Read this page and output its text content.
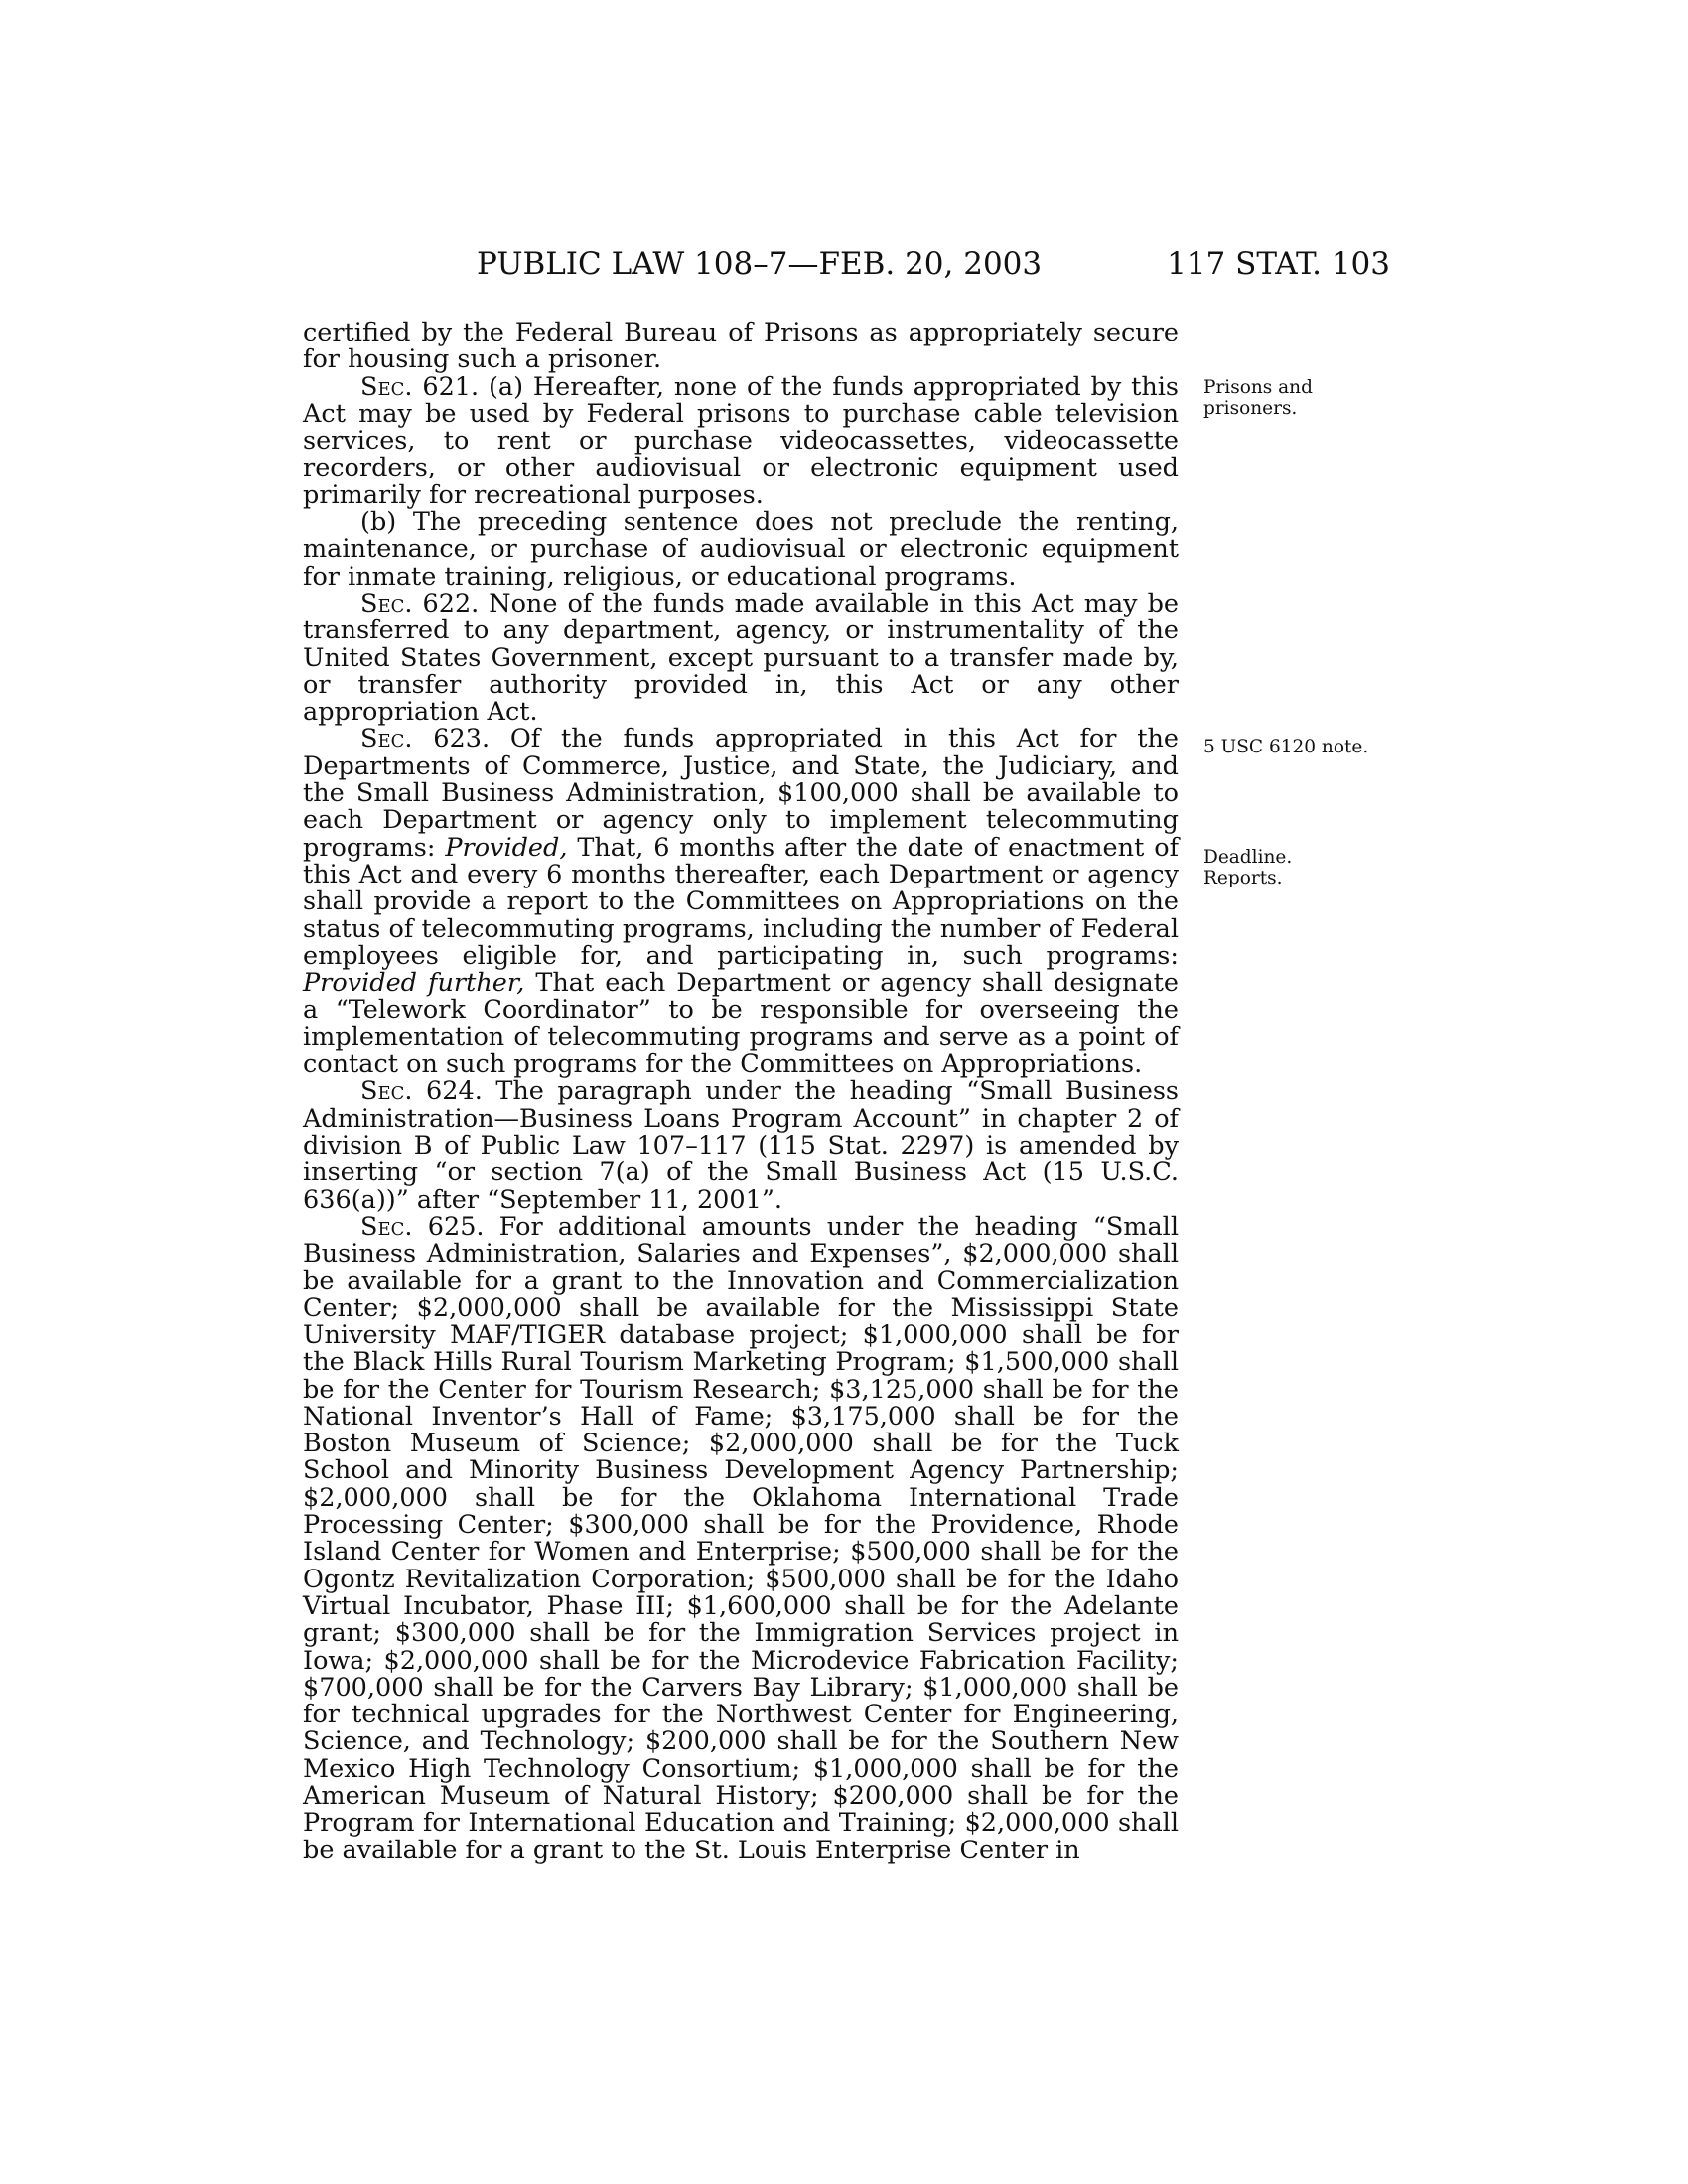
PUBLIC LAW 108–7—FEB. 20, 2003	117 STAT. 103
Prisons and
prisoners.
5 USC 6120 note.
Deadline.
Reports.

certified by the Federal Bureau of Prisons as appropriately secure for housing such a prisoner.

Sec. 621. (a) Hereafter, none of the funds appropriated by this Act may be used by Federal prisons to purchase cable television services, to rent or purchase videocassettes, videocassette recorders, or other audiovisual or electronic equipment used primarily for recreational purposes.

(b) The preceding sentence does not preclude the renting, maintenance, or purchase of audiovisual or electronic equipment for inmate training, religious, or educational programs.

Sec. 622. None of the funds made available in this Act may be transferred to any department, agency, or instrumentality of the United States Government, except pursuant to a transfer made by, or transfer authority provided in, this Act or any other appropriation Act.

Sec. 623. Of the funds appropriated in this Act for the Departments of Commerce, Justice, and State, the Judiciary, and the Small Business Administration, $100,000 shall be available to each Department or agency only to implement telecommuting programs: Provided, That, 6 months after the date of enactment of this Act and every 6 months thereafter, each Department or agency shall provide a report to the Committees on Appropriations on the status of telecommuting programs, including the number of Federal employees eligible for, and participating in, such programs: Provided further, That each Department or agency shall designate a “Telework Coordinator” to be responsible for overseeing the implementation of telecommuting programs and serve as a point of contact on such programs for the Committees on Appropriations.

Sec. 624. The paragraph under the heading “Small Business Administration—Business Loans Program Account” in chapter 2 of division B of Public Law 107–117 (115 Stat. 2297) is amended by inserting “or section 7(a) of the Small Business Act (15 U.S.C. 636(a))” after “September 11, 2001”.

Sec. 625. For additional amounts under the heading “Small Business Administration, Salaries and Expenses”, $2,000,000 shall be available for a grant to the Innovation and Commercialization Center; $2,000,000 shall be available for the Mississippi State University MAF/TIGER database project; $1,000,000 shall be for the Black Hills Rural Tourism Marketing Program; $1,500,000 shall be for the Center for Tourism Research; $3,125,000 shall be for the National Inventor’s Hall of Fame; $3,175,000 shall be for the Boston Museum of Science; $2,000,000 shall be for the Tuck School and Minority Business Development Agency Partnership; $2,000,000 shall be for the Oklahoma International Trade Processing Center; $300,000 shall be for the Providence, Rhode Island Center for Women and Enterprise; $500,000 shall be for the Ogontz Revitalization Corporation; $500,000 shall be for the Idaho Virtual Incubator, Phase III; $1,600,000 shall be for the Adelante grant; $300,000 shall be for the Immigration Services project in Iowa; $2,000,000 shall be for the Microdevice Fabrication Facility; $700,000 shall be for the Carvers Bay Library; $1,000,000 shall be for technical upgrades for the Northwest Center for Engineering, Science, and Technology; $200,000 shall be for the Southern New Mexico High Technology Consortium; $1,000,000 shall be for the American Museum of Natural History; $200,000 shall be for the Program for International Education and Training; $2,000,000 shall be available for a grant to the St. Louis Enterprise Center in
